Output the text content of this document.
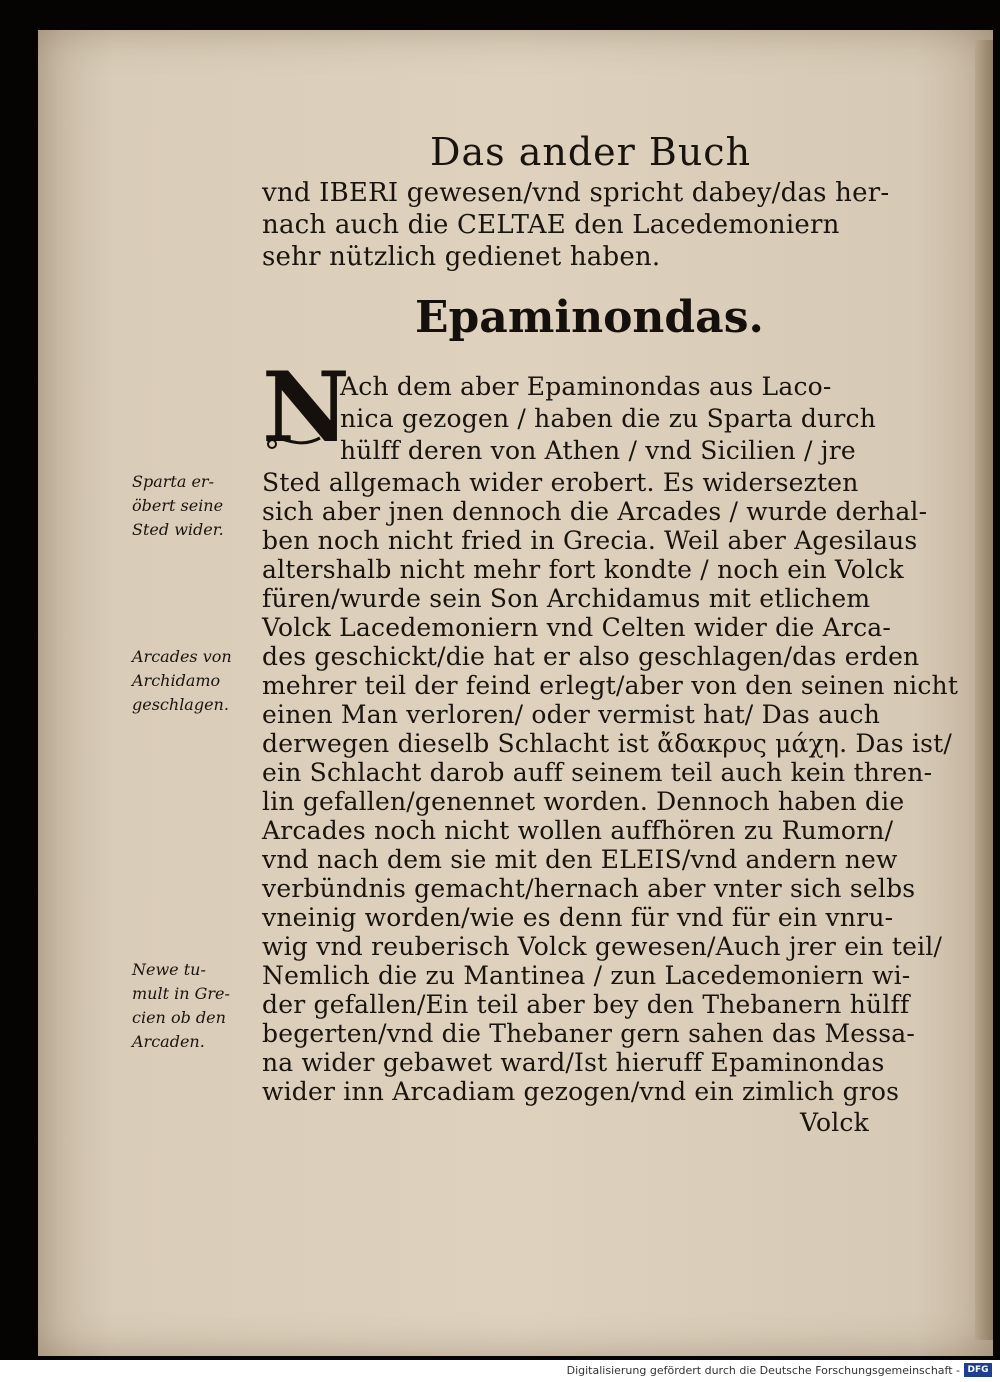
Das ander Buch
vnd IBERI gewesen/vnd spricht dabey/das her-
nach auch die CELTAE den Lacedemoniern
sehr nützlich gedienet haben.
Epaminondas.
N
Ach dem aber Epaminondas aus Laco-
nica gezogen / haben die zu Sparta durch
hülff deren von Athen / vnd Sicilien / jre
Sted allgemach wider erobert. Es widersezten
sich aber jnen dennoch die Arcades / wurde derhal-
ben noch nicht fried in Grecia. Weil aber Agesilaus
altershalb nicht mehr fort kondte / noch ein Volck
füren/wurde sein Son Archidamus mit etlichem
Volck Lacedemoniern vnd Celten wider die Arca-
des geschickt/die hat er also geschlagen/das erden
mehrer teil der feind erlegt/aber von den seinen nicht
einen Man verloren/ oder vermist hat/ Das auch
derwegen dieselb Schlacht ist ἄδακρυς μάχη. Das ist/
ein Schlacht darob auff seinem teil auch kein thren-
lin gefallen/genennet worden. Dennoch haben die
Arcades noch nicht wollen auffhören zu Rumorn/
vnd nach dem sie mit den ELEIS/vnd andern new
verbündnis gemacht/hernach aber vnter sich selbs
vneinig worden/wie es denn für vnd für ein vnru-
wig vnd reuberisch Volck gewesen/Auch jrer ein teil/
Nemlich die zu Mantinea / zun Lacedemoniern wi-
der gefallen/Ein teil aber bey den Thebanern hülff
begerten/vnd die Thebaner gern sahen das Messa-
na wider gebawet ward/Ist hieruff Epaminondas
wider inn Arcadiam gezogen/vnd ein zimlich gros
Volck
Sparta er-
öbert seine
Sted wider.
Arcades von
Archidamo
geschlagen.
Newe tu-
mult in Gre-
cien ob den
Arcaden.
Digitalisierung gefördert durch die Deutsche Forschungsgemeinschaft - DFG
